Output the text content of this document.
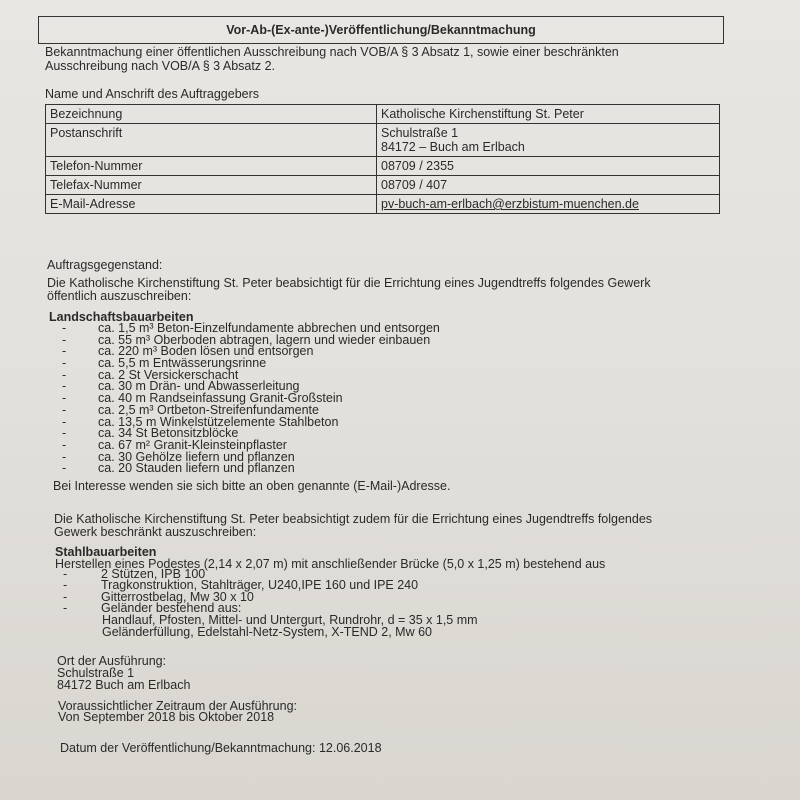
Vor-Ab-(Ex-ante-)Veröffentlichung/Bekanntmachung
Bekanntmachung einer öffentlichen Ausschreibung nach VOB/A § 3 Absatz 1, sowie einer beschränkten
Ausschreibung nach VOB/A § 3 Absatz 2.
Name und Anschrift des Auftraggebers
Bezeichnung	Katholische Kirchenstiftung St. Peter
Postanschrift	Schulstraße 1
84172 – Buch am Erlbach

Telefon-Nummer	08709 / 2355
Telefax-Nummer	08709 / 407
E-Mail-Adresse	pv-buch-am-erlbach@erzbistum-muenchen.de
Auftragsgegenstand:
Die Katholische Kirchenstiftung St. Peter beabsichtigt für die Errichtung eines Jugendtreffs folgendes Gewerk
öffentlich auszuschreiben:
Landschaftsbauarbeiten
-	ca. 1,5 m³ Beton-Einzelfundamente abbrechen und entsorgen
-	ca. 55 m³ Oberboden abtragen, lagern und wieder einbauen
-	ca. 220 m³ Boden lösen und entsorgen
-	ca. 5,5 m Entwässerungsrinne
-	ca. 2 St Versickerschacht
-	ca. 30 m Drän- und Abwasserleitung
-	ca. 40 m Randseinfassung Granit-Großstein
-	ca. 2,5 m³ Ortbeton-Streifenfundamente
-	ca. 13,5 m Winkelstützelemente Stahlbeton
-	ca. 34 St Betonsitzblöcke
-	ca. 67 m² Granit-Kleinsteinpflaster
-	ca. 30 Gehölze liefern und pflanzen
-	ca. 20 Stauden liefern und pflanzen
Bei Interesse wenden sie sich bitte an oben genannte (E-Mail-)Adresse.
Die Katholische Kirchenstiftung St. Peter beabsichtigt zudem für die Errichtung eines Jugendtreffs folgendes
Gewerk beschränkt auszuschreiben:
Stahlbauarbeiten
Herstellen eines Podestes (2,14 x 2,07 m) mit anschließender Brücke (5,0 x 1,25 m) bestehend aus
-	2 Stützen, IPB 100
-	Tragkonstruktion, Stahlträger, U240,IPE 160 und IPE 240
-	Gitterrostbelag, Mw 30 x 10
-	Geländer bestehend aus:
Handlauf, Pfosten, Mittel- und Untergurt, Rundrohr, d = 35 x 1,5 mm
Geländerfüllung, Edelstahl-Netz-System, X-TEND 2, Mw 60
Ort der Ausführung:
Schulstraße 1
84172 Buch am Erlbach
Voraussichtlicher Zeitraum der Ausführung:
Von September 2018 bis Oktober 2018
Datum der Veröffentlichung/Bekanntmachung: 12.06.2018
